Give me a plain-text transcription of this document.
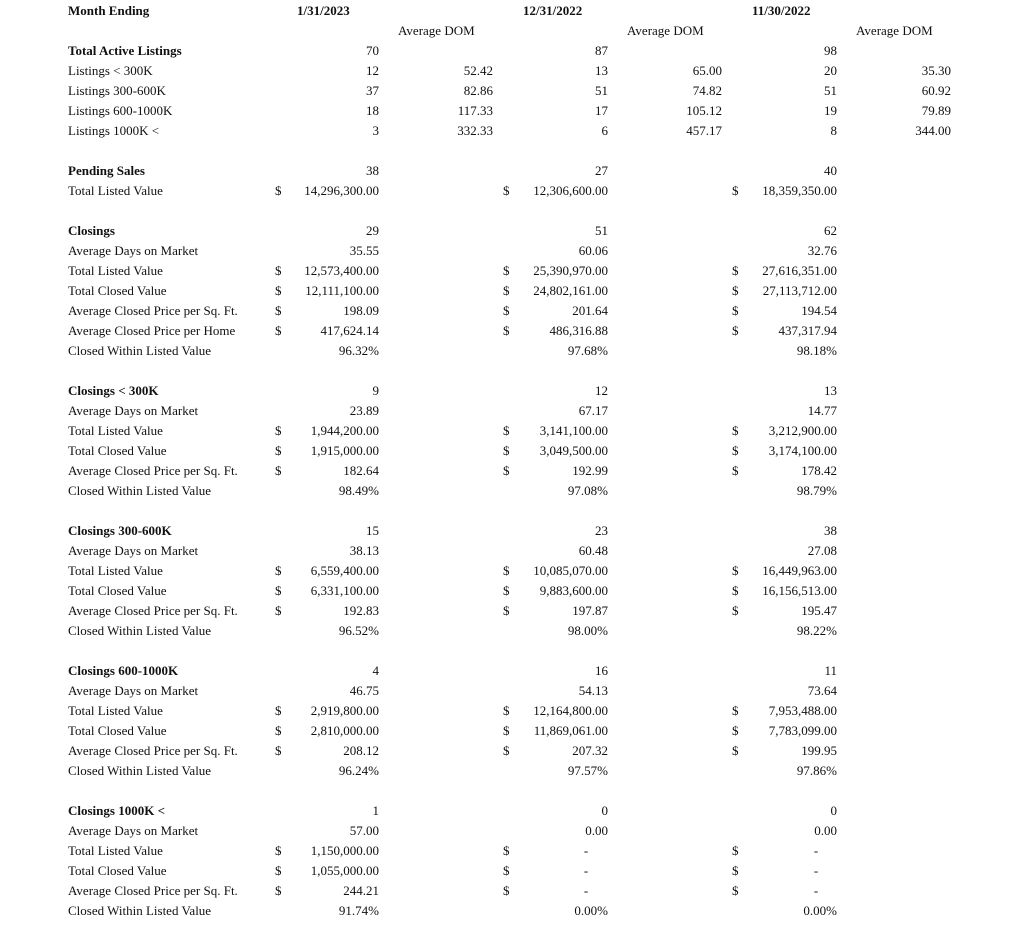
Month Ending	1/31/2023	12/31/2022	11/30/2022
Average DOM	Average DOM	Average DOM
Total Active Listings	70	87	98
Listings < 300K	12	52.42	13	65.00	20	35.30
Listings 300-600K	37	82.86	51	74.82	51	60.92
Listings 600-1000K	18	117.33	17	105.12	19	79.89
Listings 1000K <	3	332.33	6	457.17	8	344.00
Pending Sales	38	27	40
Total Listed Value	$	14,296,300.00	$	12,306,600.00	$	18,359,350.00
Closings	29	51	62
Average Days on Market	35.55	60.06	32.76
Total Listed Value	$	12,573,400.00	$	25,390,970.00	$	27,616,351.00
Total Closed Value	$	12,111,100.00	$	24,802,161.00	$	27,113,712.00
Average Closed Price per Sq. Ft.	$	198.09	$	201.64	$	194.54
Average Closed Price per Home	$	417,624.14	$	486,316.88	$	437,317.94
Closed Within Listed Value	96.32%	97.68%	98.18%
Closings < 300K	9	12	13
Average Days on Market	23.89	67.17	14.77
Total Listed Value	$	1,944,200.00	$	3,141,100.00	$	3,212,900.00
Total Closed Value	$	1,915,000.00	$	3,049,500.00	$	3,174,100.00
Average Closed Price per Sq. Ft.	$	182.64	$	192.99	$	178.42
Closed Within Listed Value	98.49%	97.08%	98.79%
Closings 300-600K	15	23	38
Average Days on Market	38.13	60.48	27.08
Total Listed Value	$	6,559,400.00	$	10,085,070.00	$	16,449,963.00
Total Closed Value	$	6,331,100.00	$	9,883,600.00	$	16,156,513.00
Average Closed Price per Sq. Ft.	$	192.83	$	197.87	$	195.47
Closed Within Listed Value	96.52%	98.00%	98.22%
Closings 600-1000K	4	16	11
Average Days on Market	46.75	54.13	73.64
Total Listed Value	$	2,919,800.00	$	12,164,800.00	$	7,953,488.00
Total Closed Value	$	2,810,000.00	$	11,869,061.00	$	7,783,099.00
Average Closed Price per Sq. Ft.	$	208.12	$	207.32	$	199.95
Closed Within Listed Value	96.24%	97.57%	97.86%
Closings 1000K <	1	0	0
Average Days on Market	57.00	0.00	0.00
Total Listed Value	$	1,150,000.00	$	-	$	-
Total Closed Value	$	1,055,000.00	$	-	$	-
Average Closed Price per Sq. Ft.	$	244.21	$	-	$	-
Closed Within Listed Value	91.74%	0.00%	0.00%
